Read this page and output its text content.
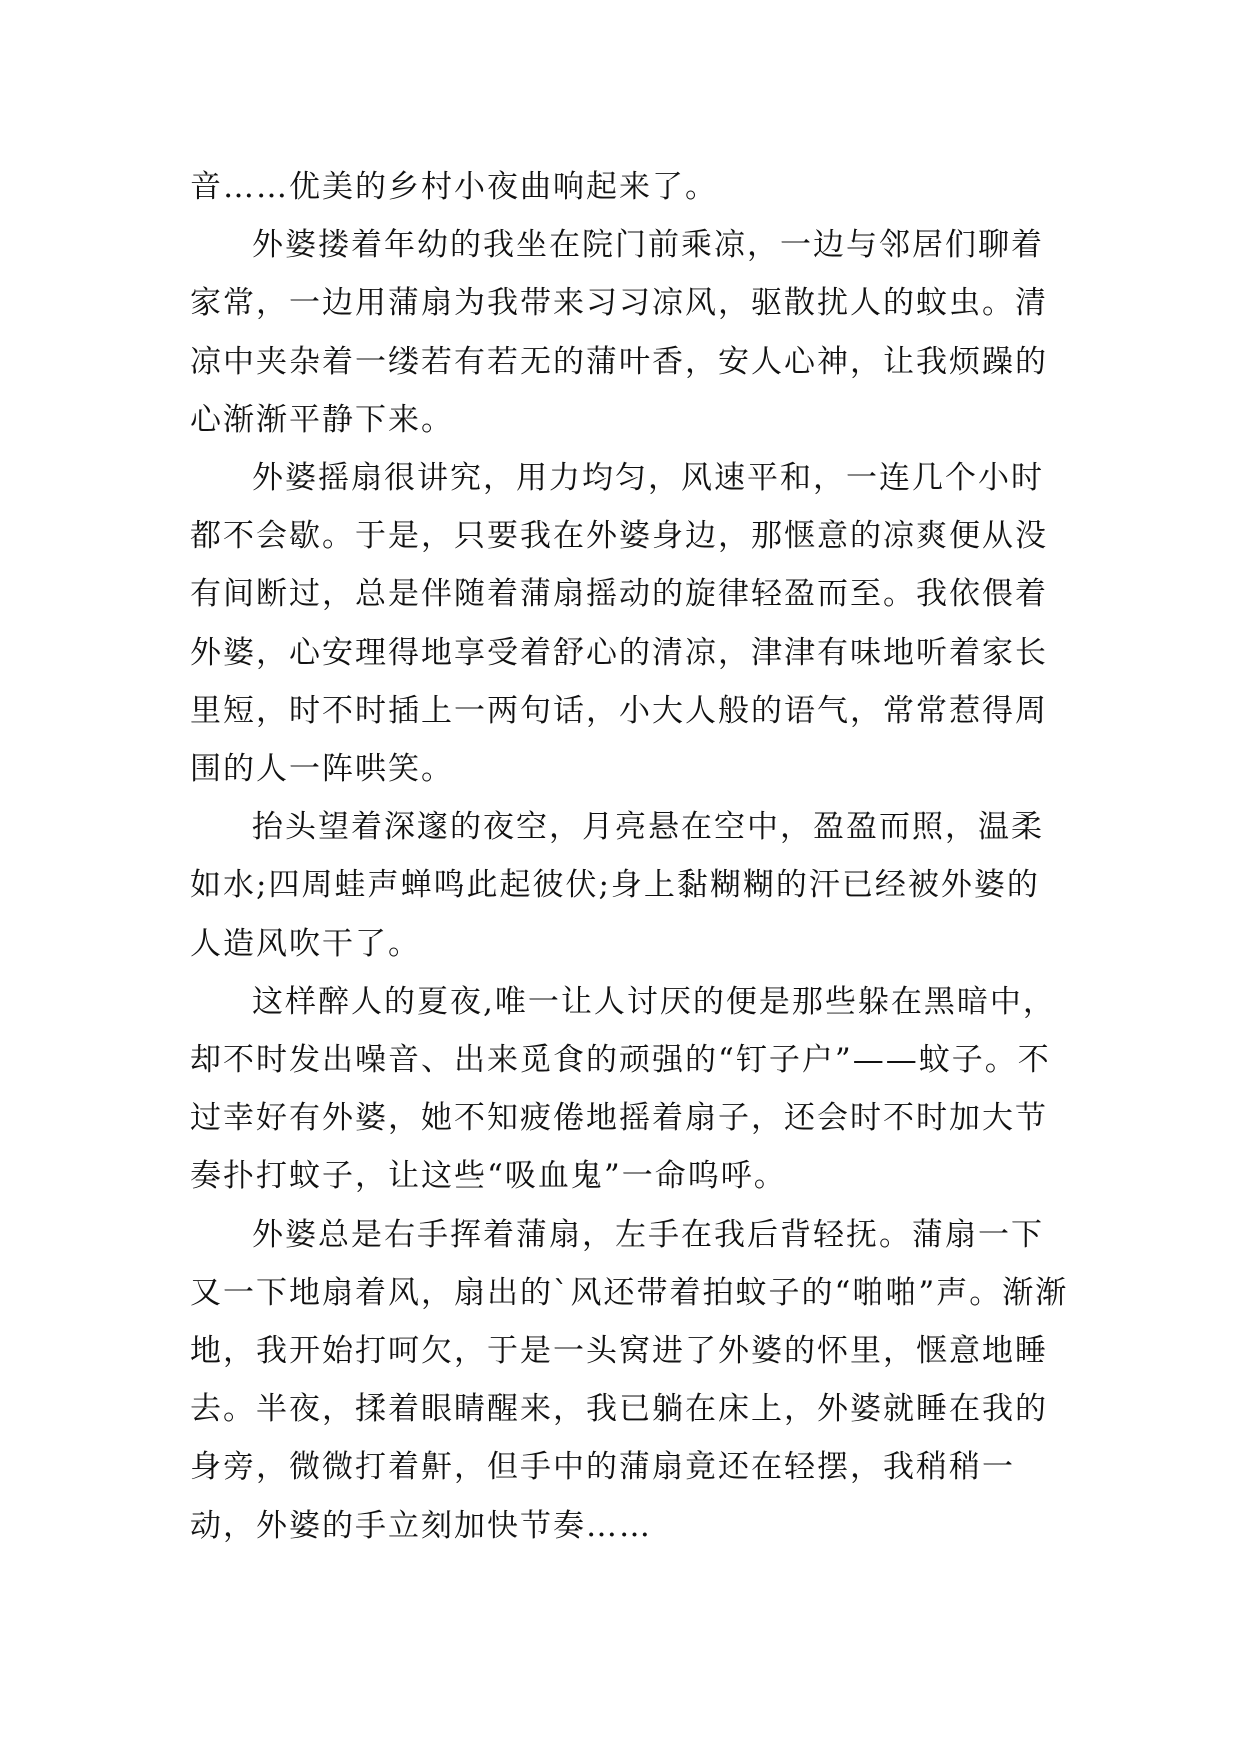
音……优美的乡村小夜曲响起来了。

外婆搂着年幼的我坐在院门前乘凉，一边与邻居们聊着家常，一边用蒲扇为我带来习习凉风，驱散扰人的蚊虫。清凉中夹杂着一缕若有若无的蒲叶香，安人心神，让我烦躁的心渐渐平静下来。

外婆摇扇很讲究，用力均匀，风速平和，一连几个小时都不会歇。于是，只要我在外婆身边，那惬意的凉爽便从没有间断过，总是伴随着蒲扇摇动的旋律轻盈而至。我依偎着外婆，心安理得地享受着舒心的清凉，津津有味地听着家长里短，时不时插上一两句话，小大人般的语气，常常惹得周围的人一阵哄笑。

抬头望着深邃的夜空，月亮悬在空中，盈盈而照，温柔如水;四周蛙声蝉鸣此起彼伏;身上黏糊糊的汗已经被外婆的人造风吹干了。

这样醉人的夏夜,唯一让人讨厌的便是那些躲在黑暗中，却不时发出噪音、出来觅食的顽强的“钉子户”——蚊子。不过幸好有外婆，她不知疲倦地摇着扇子，还会时不时加大节奏扑打蚊子，让这些“吸血鬼”一命呜呼。

外婆总是右手挥着蒲扇，左手在我后背轻抚。蒲扇一下又一下地扇着风，扇出的`风还带着拍蚊子的“啪啪”声。渐渐地，我开始打呵欠，于是一头窝进了外婆的怀里，惬意地睡去。半夜，揉着眼睛醒来，我已躺在床上，外婆就睡在我的身旁，微微打着鼾，但手中的蒲扇竟还在轻摆，我稍稍一动，外婆的手立刻加快节奏……
